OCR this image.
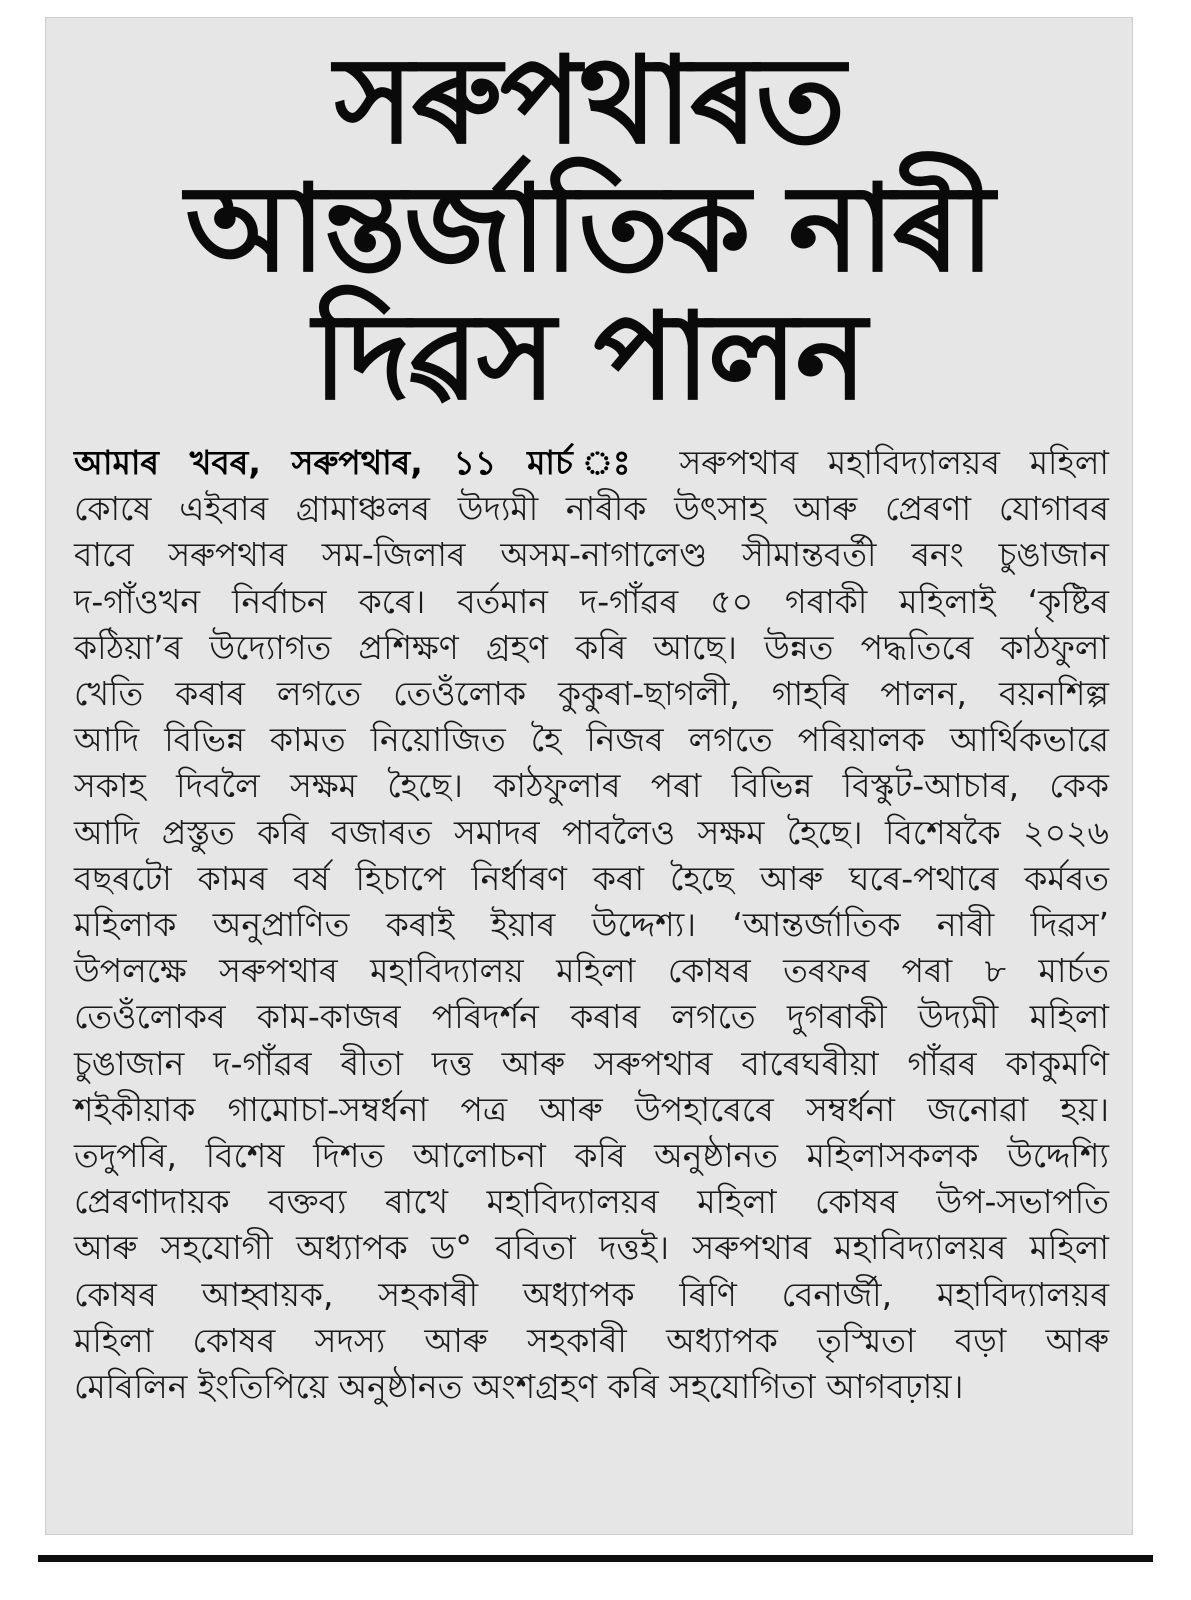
সৰুপথাৰত
আন্তৰ্জাতিক নাৰী
দিৱস পালন
আমাৰ খবৰ, সৰুপথাৰ, ১১ মাৰ্চ ঃ সৰুপথাৰ মহাবিদ্যালয়ৰ মহিলা
কোষে এইবাৰ গ্ৰামাঞ্চলৰ উদ্যমী নাৰীক উৎসাহ আৰু প্ৰেৰণা যোগাবৰ
বাবে সৰুপথাৰ সম-জিলাৰ অসম-নাগালেণ্ড সীমান্তবৰ্তী ৰনং চুঙাজান
দ-গাঁওখন নিৰ্বাচন কৰে। বৰ্তমান দ-গাঁৱৰ ৫০ গৰাকী মহিলাই ‘কৃষ্টিৰ
কঠিয়া’ৰ উদ্যোগত প্ৰশিক্ষণ গ্ৰহণ কৰি আছে। উন্নত পদ্ধতিৰে কাঠফুলা
খেতি কৰাৰ লগতে তেওঁলোক কুকুৰা-ছাগলী, গাহৰি পালন, বয়নশিল্প
আদি বিভিন্ন কামত নিয়োজিত হৈ নিজৰ লগতে পৰিয়ালক আৰ্থিকভাৱে
সকাহ দিবলৈ সক্ষম হৈছে। কাঠফুলাৰ পৰা বিভিন্ন বিস্কুট-আচাৰ, কেক
আদি প্ৰস্তুত কৰি বজাৰত সমাদৰ পাবলৈও সক্ষম হৈছে। বিশেষকৈ ২০২৬
বছৰটো কামৰ বৰ্ষ হিচাপে নিৰ্ধাৰণ কৰা হৈছে আৰু ঘৰে-পথাৰে কৰ্মৰত
মহিলাক অনুপ্ৰাণিত কৰাই ইয়াৰ উদ্দেশ্য। ‘আন্তৰ্জাতিক নাৰী দিৱস’
উপলক্ষে সৰুপথাৰ মহাবিদ্যালয় মহিলা কোষৰ তৰফৰ পৰা ৮ মাৰ্চত
তেওঁলোকৰ কাম-কাজৰ পৰিদৰ্শন কৰাৰ লগতে দুগৰাকী উদ্যমী মহিলা
চুঙাজান দ-গাঁৱৰ ৰীতা দত্ত আৰু সৰুপথাৰ বাৰেঘৰীয়া গাঁৱৰ কাকুমণি
শইকীয়াক গামোচা-সম্বৰ্ধনা পত্ৰ আৰু উপহাৰেৰে সম্বৰ্ধনা জনোৱা হয়।
তদুপৰি, বিশেষ দিশত আলোচনা কৰি অনুষ্ঠানত মহিলাসকলক উদ্দেশ্যি
প্ৰেৰণাদায়ক বক্তব্য ৰাখে মহাবিদ্যালয়ৰ মহিলা কোষৰ উপ-সভাপতি
আৰু সহযোগী অধ্যাপক ড° ববিতা দত্তই। সৰুপথাৰ মহাবিদ্যালয়ৰ মহিলা
কোষৰ আহ্বায়ক, সহকাৰী অধ্যাপক ৰিণি বেনাৰ্জী, মহাবিদ্যালয়ৰ
মহিলা কোষৰ সদস্য আৰু সহকাৰী অধ্যাপক তৃস্মিতা বড়া আৰু
মেৰিলিন ইংতিপিয়ে অনুষ্ঠানত অংশগ্ৰহণ কৰি সহযোগিতা আগবঢ়ায়।
